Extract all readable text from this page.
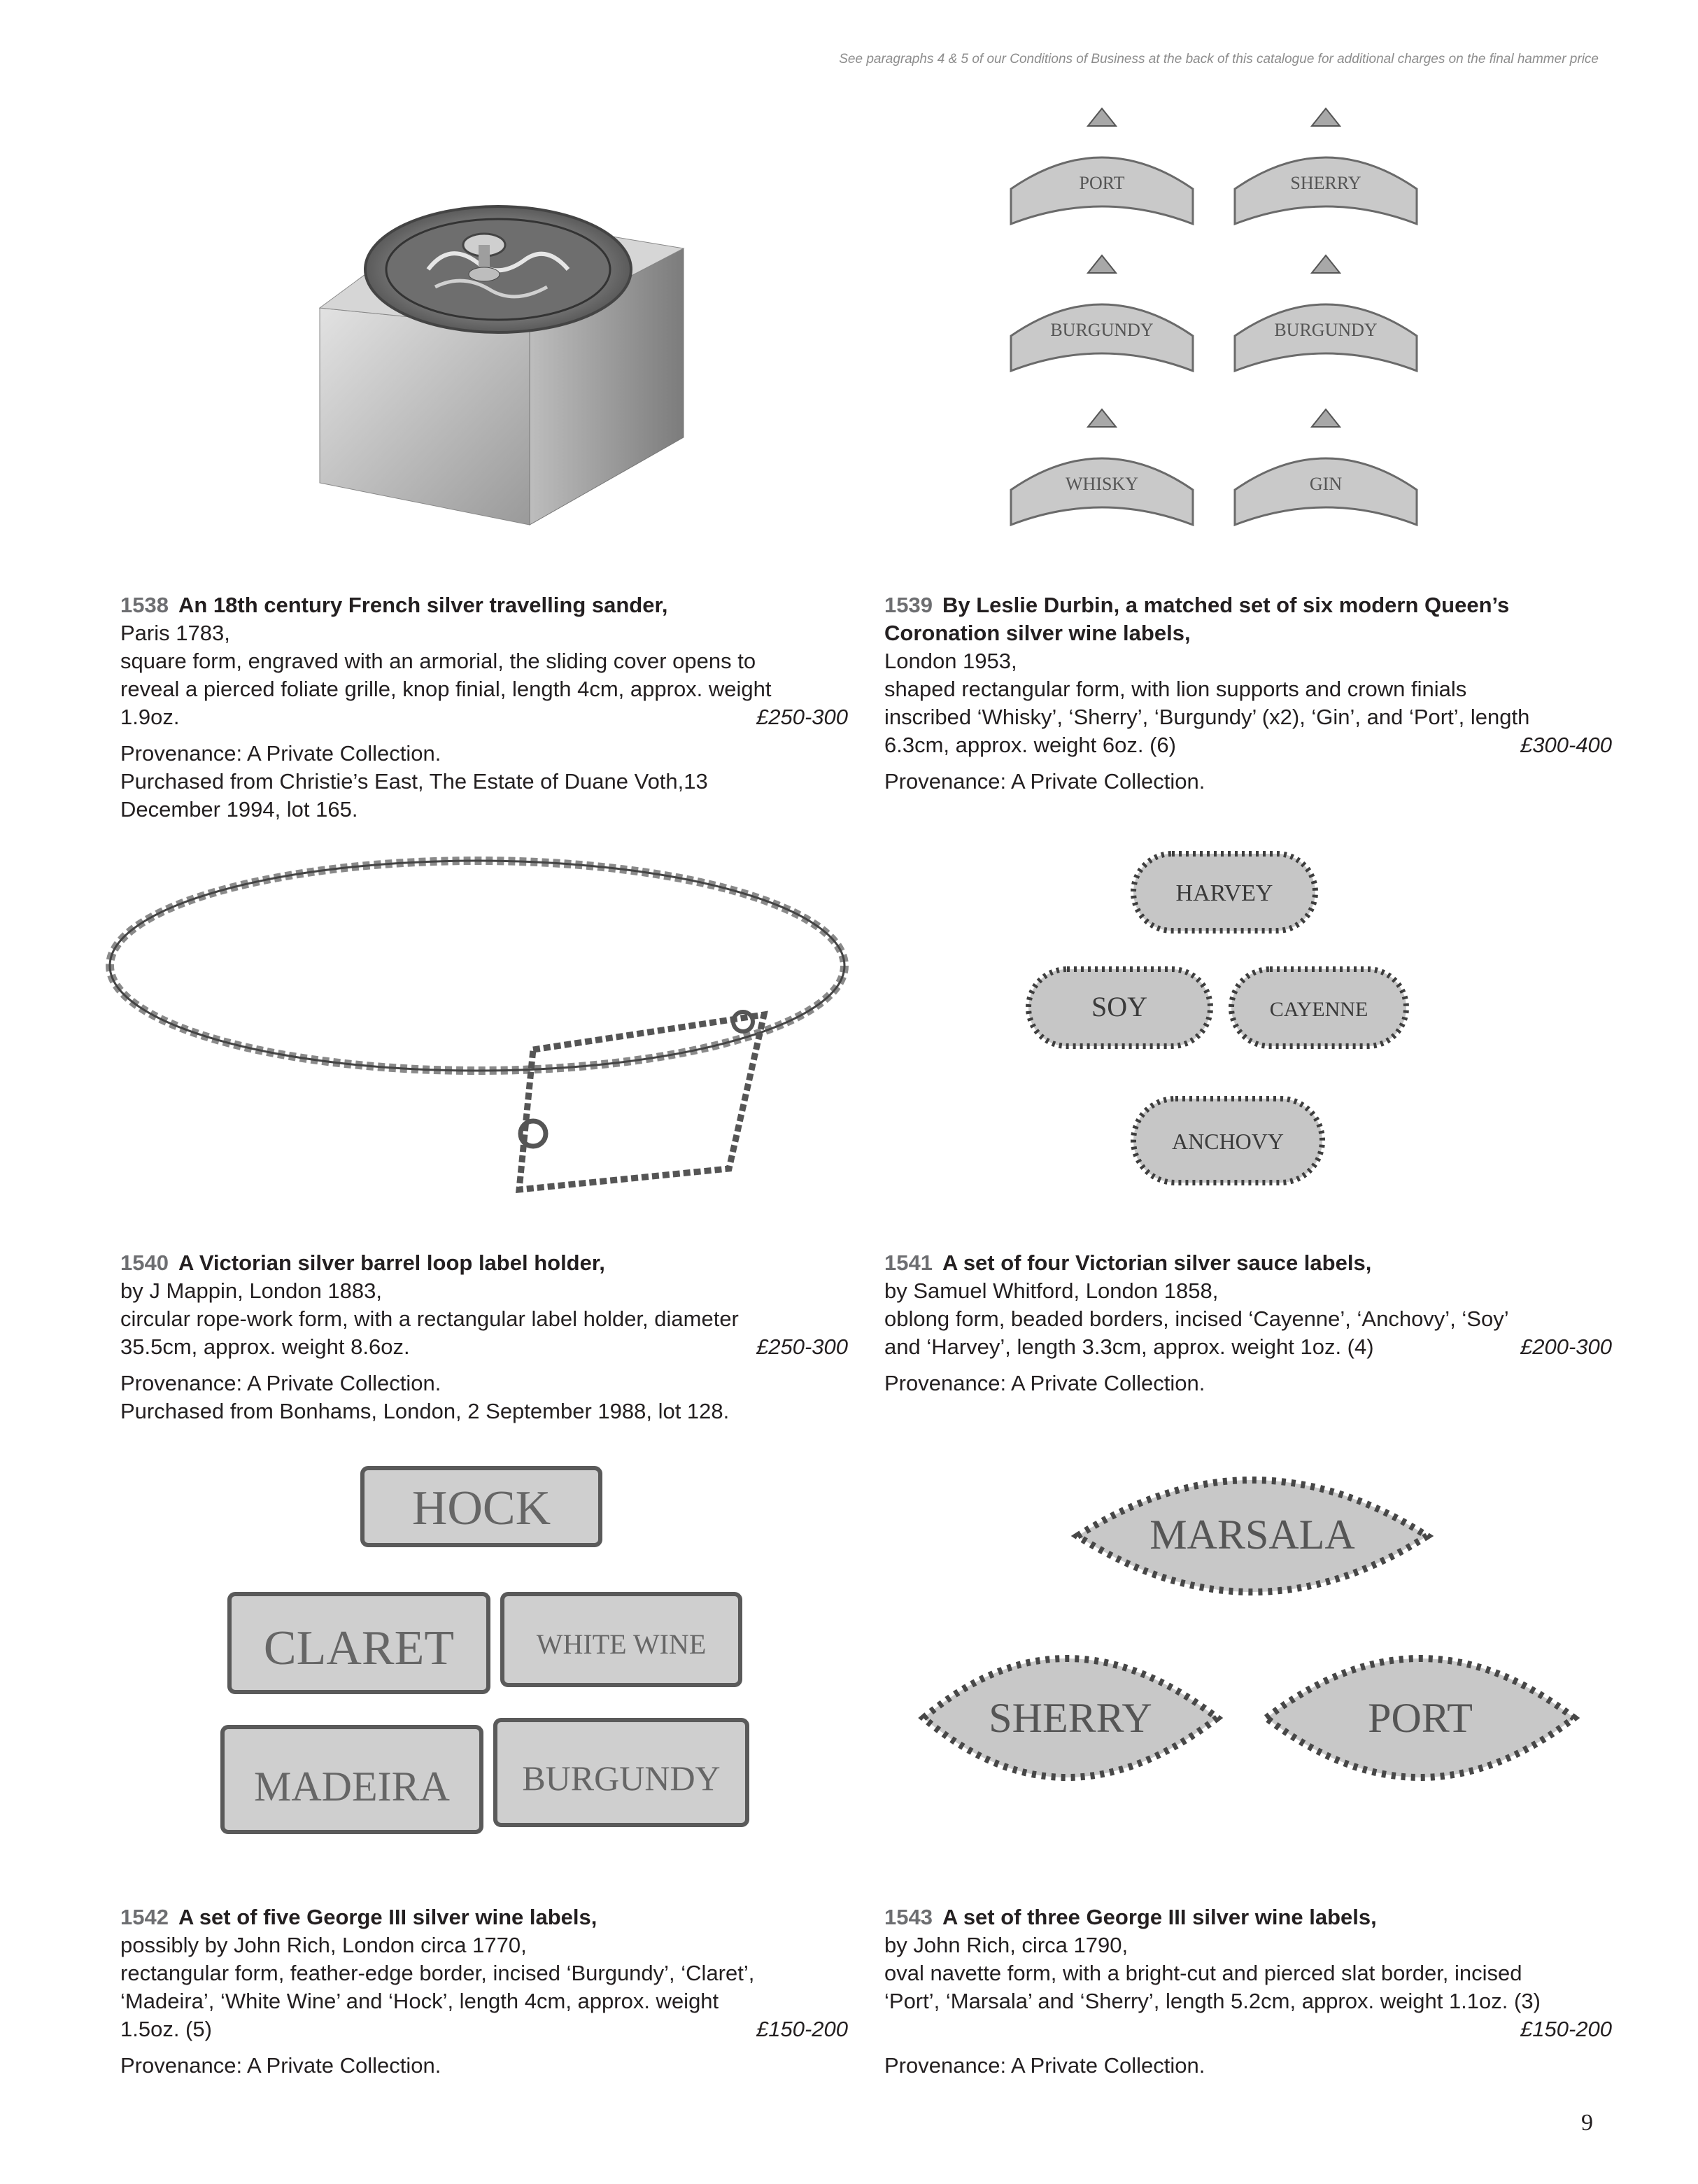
See paragraphs 4 & 5 of our Conditions of Business at the back of this catalogue for additional charges on the final hammer price
PORT	SHERRY
BURGUNDY	BURGUNDY
WHISKY	GIN
1538 An 18th century French silver travelling sander,
Paris 1783,
square form, engraved with an armorial, the sliding cover opens to
reveal a pierced foliate grille, knop finial, length 4cm, approx. weight
1.9oz.	£250-300
Provenance: A Private Collection.
Purchased from Christie’s East, The Estate of Duane Voth,13
December 1994, lot 165.
1539 By Leslie Durbin, a matched set of six modern Queen’s
Coronation silver wine labels,
London 1953,
shaped rectangular form, with lion supports and crown finials
inscribed ‘Whisky’, ‘Sherry’, ‘Burgundy’ (x2), ‘Gin’, and ‘Port’, length
6.3cm, approx. weight 6oz. (6)	£300-400
Provenance: A Private Collection.
HARVEY
SOY	CAYENNE
ANCHOVY
1540 A Victorian silver barrel loop label holder,
by J Mappin, London 1883,
circular rope-work form, with a rectangular label holder, diameter
35.5cm, approx. weight 8.6oz.	£250-300
Provenance: A Private Collection.
Purchased from Bonhams, London, 2 September 1988, lot 128.
1541 A set of four Victorian silver sauce labels,
by Samuel Whitford, London 1858,
oblong form, beaded borders, incised ‘Cayenne’, ‘Anchovy’, ‘Soy’
and ‘Harvey’, length 3.3cm, approx. weight 1oz. (4)	£200-300
Provenance: A Private Collection.
HOCK
CLARET	WHITE WINE
MADEIRA BURGUNDY
MARSALA
SHERRY	PORT
1542 A set of five George III silver wine labels,
possibly by John Rich, London circa 1770,
rectangular form, feather-edge border, incised ‘Burgundy’, ‘Claret’,
‘Madeira’, ‘White Wine’ and ‘Hock’, length 4cm, approx. weight
1.5oz. (5)	£150-200
Provenance: A Private Collection.
1543 A set of three George III silver wine labels,
by John Rich, circa 1790,
oval navette form, with a bright-cut and pierced slat border, incised
‘Port’, ‘Marsala’ and ‘Sherry’, length 5.2cm, approx. weight 1.1oz. (3)
£150-200
Provenance: A Private Collection.
9
